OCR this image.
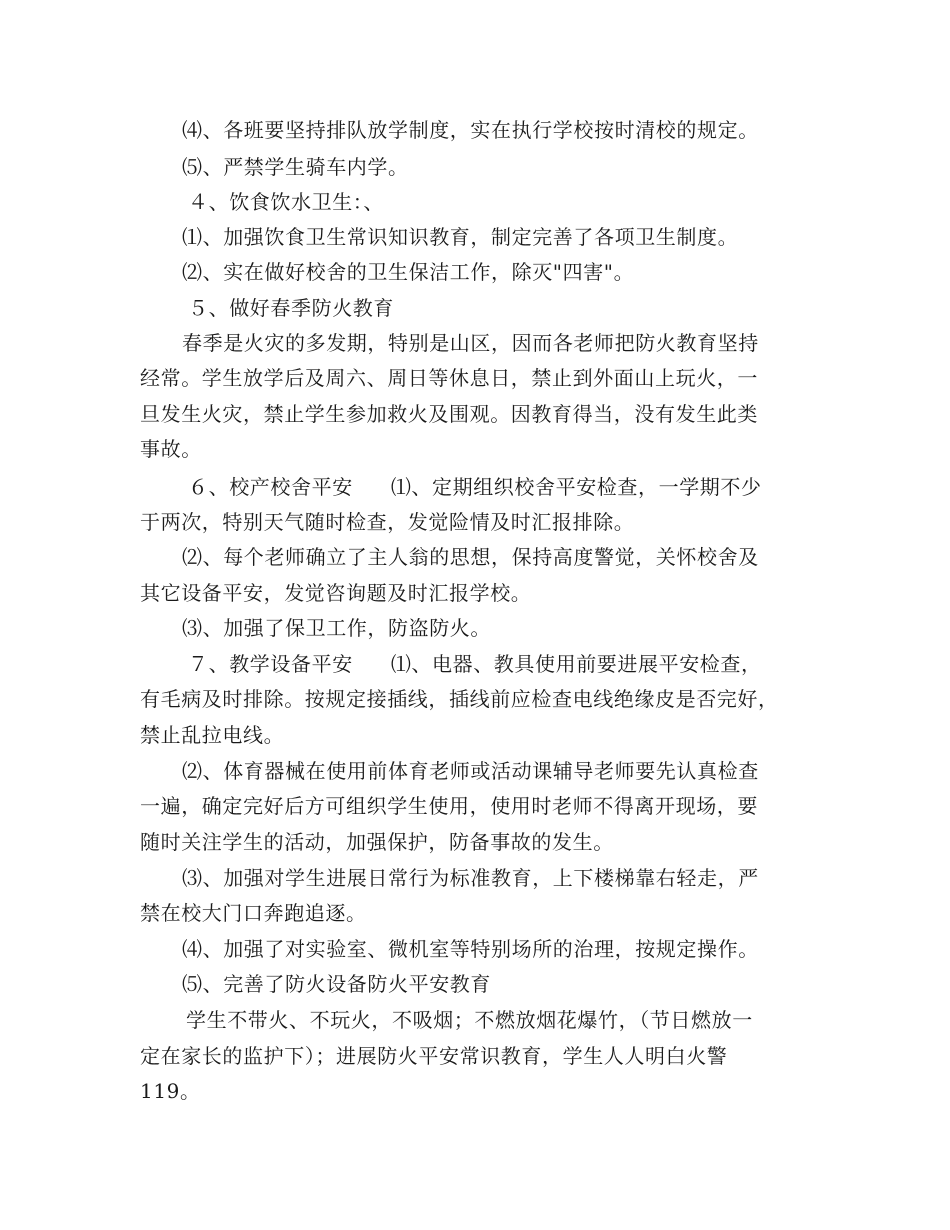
⑷、各班要坚持排队放学制度，实在执行学校按时清校的规定。
⑸、严禁学生骑车内学。
４、饮食饮水卫生：、
⑴、加强饮食卫生常识知识教育，制定完善了各项卫生制度。
⑵、实在做好校舍的卫生保洁工作，除灭"四害"。
５、做好春季防火教育
春季是火灾的多发期，特别是山区，因而各老师把防火教育坚持
经常。学生放学后及周六、周日等休息日，禁止到外面山上玩火，一
旦发生火灾，禁止学生参加救火及围观。因教育得当，没有发生此类
事故。
６、校产校舍平安 ⑴、定期组织校舍平安检查，一学期不少
于两次，特别天气随时检查，发觉险情及时汇报排除。
⑵、每个老师确立了主人翁的思想，保持高度警觉，关怀校舍及
其它设备平安，发觉咨询题及时汇报学校。
⑶、加强了保卫工作，防盗防火。
７、教学设备平安 ⑴、电器、教具使用前要进展平安检查，
有毛病及时排除。按规定接插线，插线前应检查电线绝缘皮是否完好，
禁止乱拉电线。
⑵、体育器械在使用前体育老师或活动课辅导老师要先认真检查
一遍，确定完好后方可组织学生使用，使用时老师不得离开现场，要
随时关注学生的活动，加强保护，防备事故的发生。
⑶、加强对学生进展日常行为标准教育，上下楼梯靠右轻走，严
禁在校大门口奔跑追逐。
⑷、加强了对实验室、微机室等特别场所的治理，按规定操作。
⑸、完善了防火设备防火平安教育
学生不带火、不玩火，不吸烟；不燃放烟花爆竹，（节日燃放一
定在家长的监护下）；进展防火平安常识教育，学生人人明白火警
119。
